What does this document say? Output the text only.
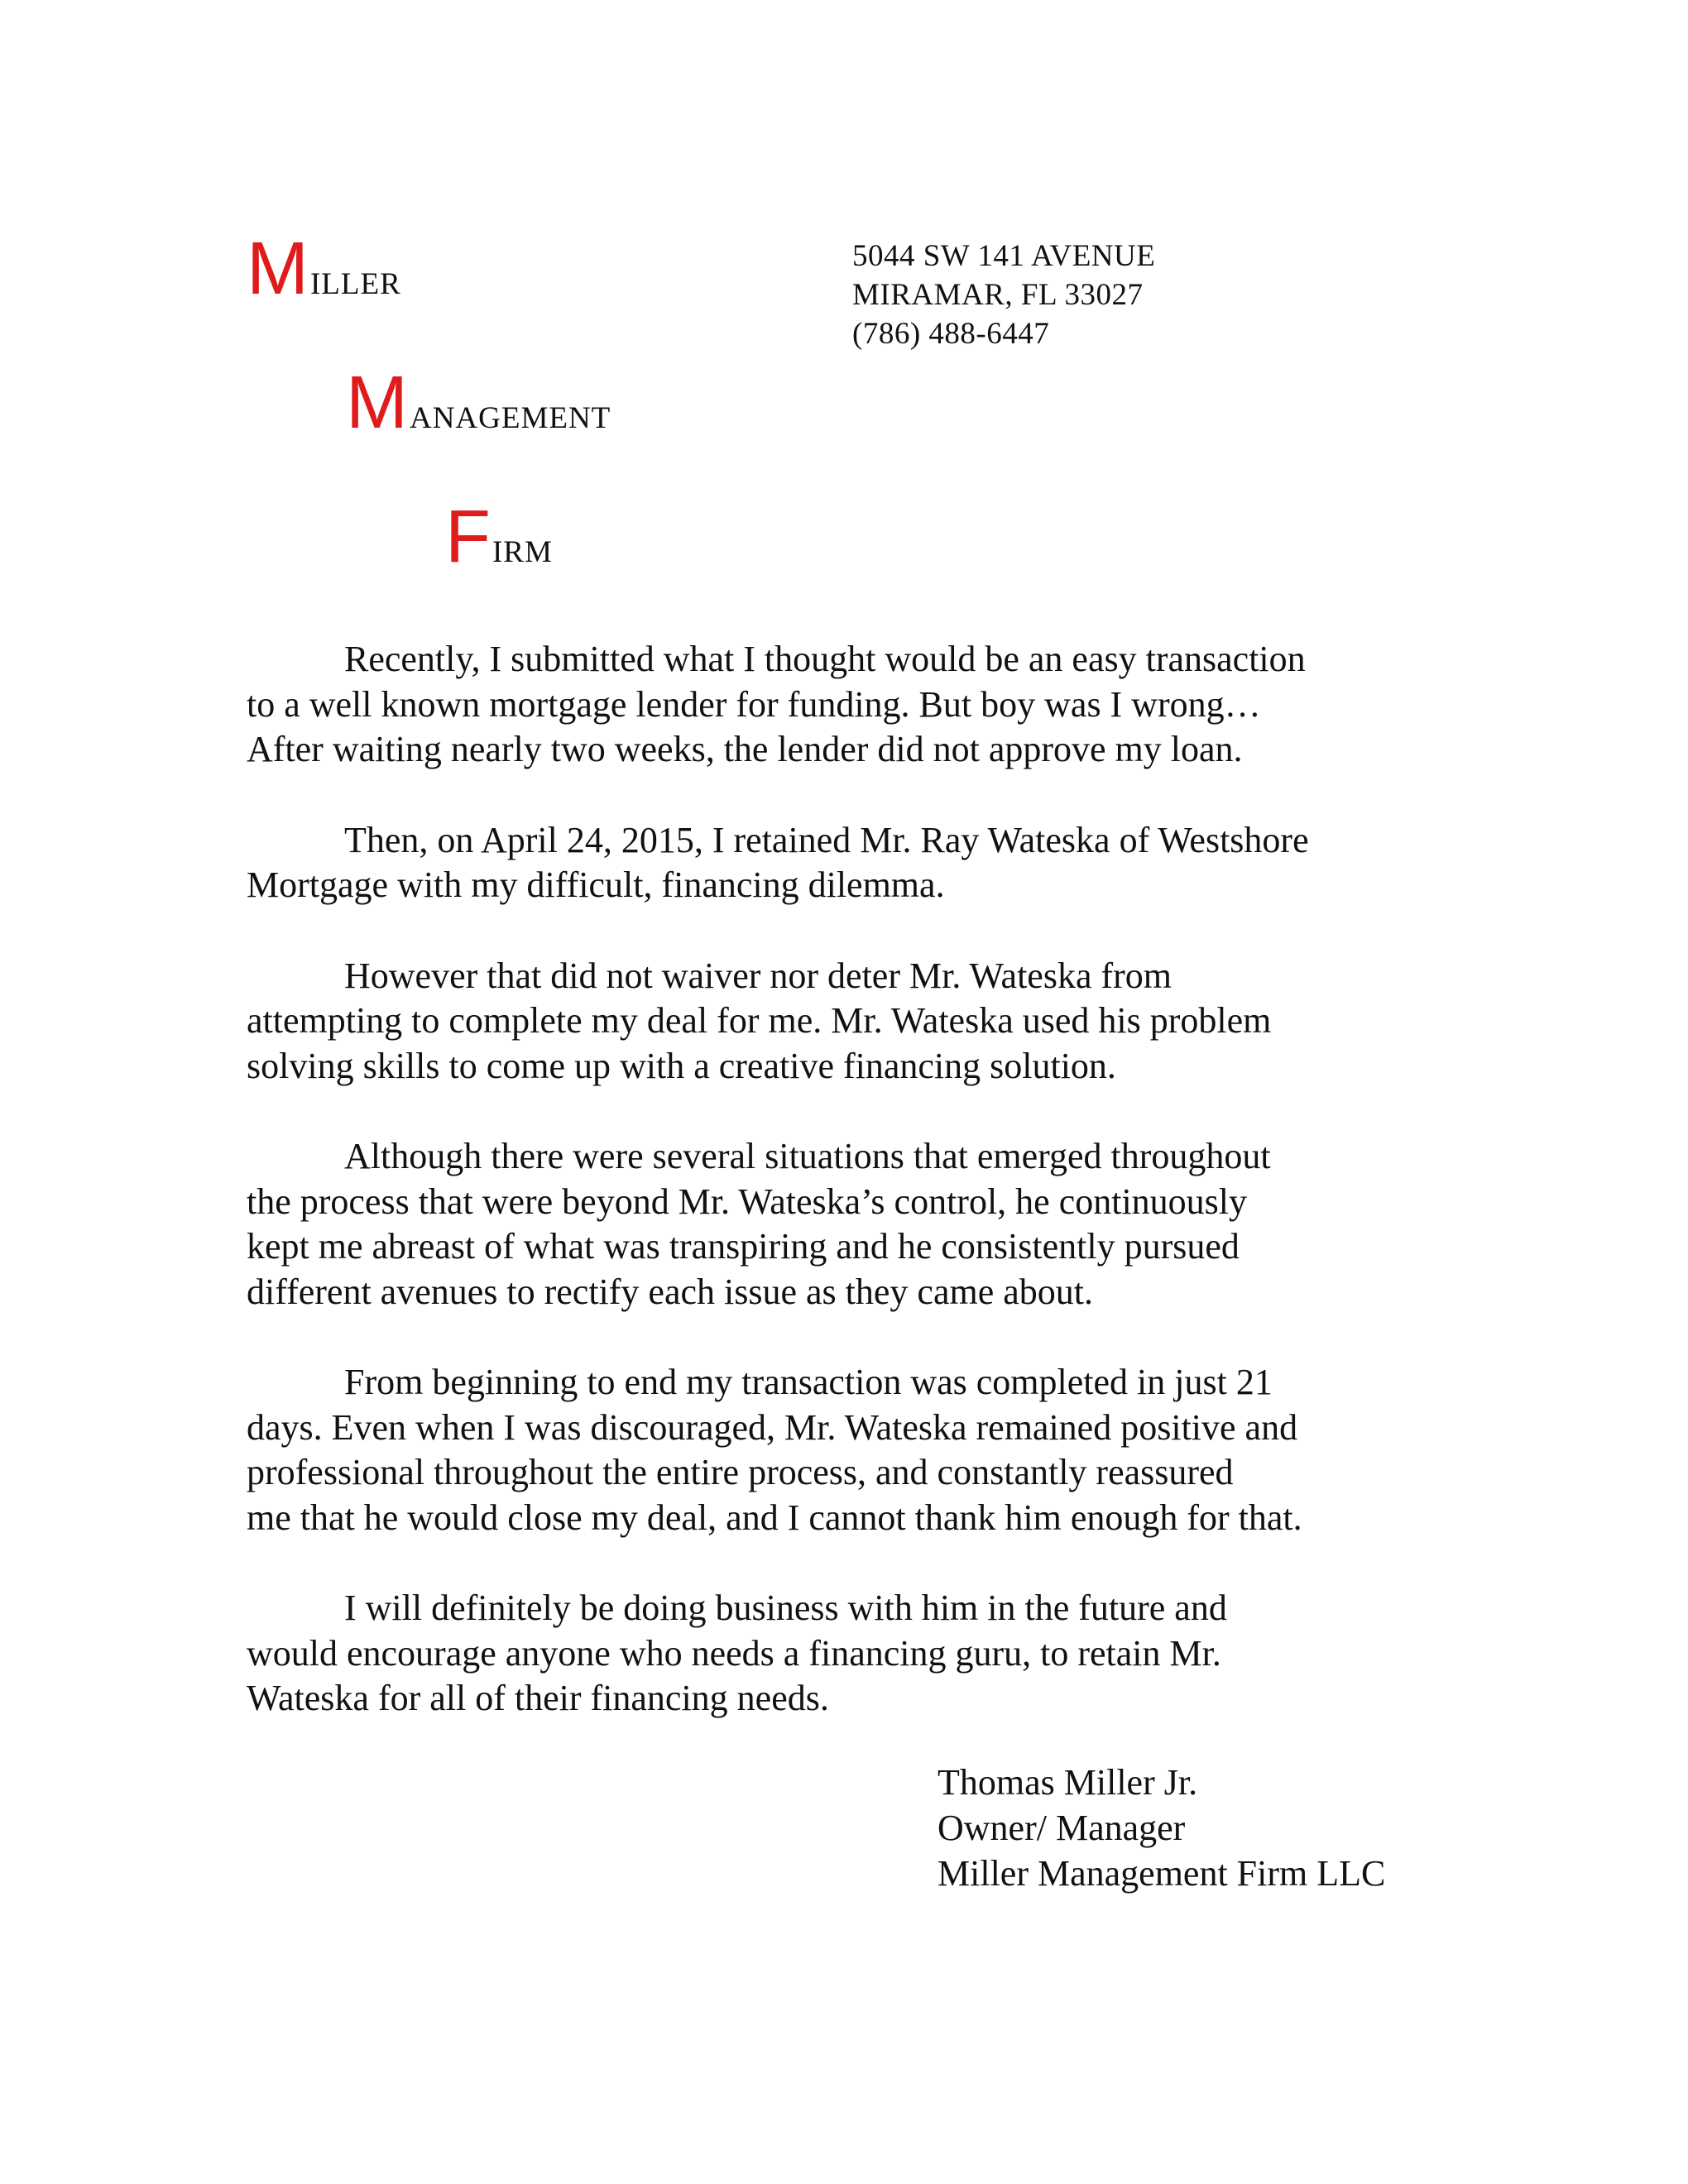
MILLER
MANAGEMENT
FIRM
5044 SW 141 AVENUE
MIRAMAR, FL 33027
(786) 488-6447
Recently, I submitted what I thought would be an easy transaction
to a well known mortgage lender for funding. But boy was I wrong…
After waiting nearly two weeks, the lender did not approve my loan.
Then, on April 24, 2015, I retained Mr. Ray Wateska of Westshore
Mortgage with my difficult, financing dilemma.
However that did not waiver nor deter Mr. Wateska from
attempting to complete my deal for me. Mr. Wateska used his problem
solving skills to come up with a creative financing solution.
Although there were several situations that emerged throughout
the process that were beyond Mr. Wateska’s control, he continuously
kept me abreast of what was transpiring and he consistently pursued
different avenues to rectify each issue as they came about.
From beginning to end my transaction was completed in just 21
days. Even when I was discouraged, Mr. Wateska remained positive and
professional throughout the entire process, and constantly reassured
me that he would close my deal, and I cannot thank him enough for that.
I will definitely be doing business with him in the future and
would encourage anyone who needs a financing guru, to retain Mr.
Wateska for all of their financing needs.
Thomas Miller Jr.
Owner/ Manager
Miller Management Firm LLC
